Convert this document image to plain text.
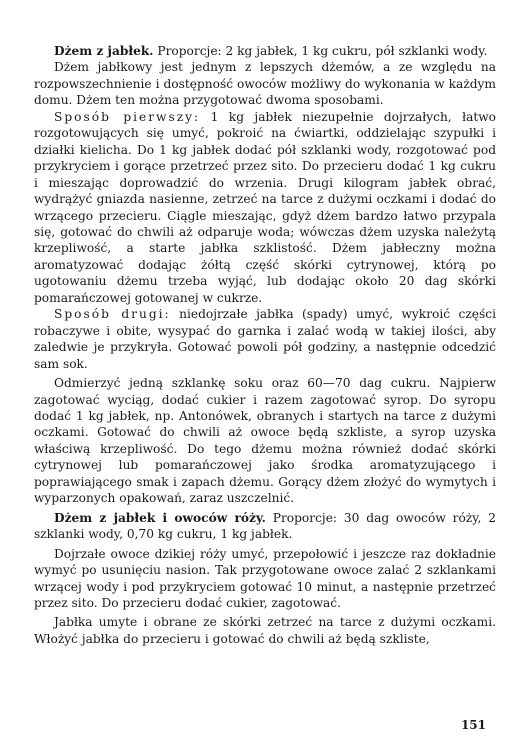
Dżem z jabłek. Proporcje: 2 kg jabłek, 1 kg cukru, pół szklanki wody.

Dżem jabłkowy jest jednym z lepszych dżemów, a ze względu na rozpowszechnienie i dostępność owoców możliwy do wykonania w każdym domu. Dżem ten można przygotować dwoma sposobami.

Sposób pierwszy: 1 kg jabłek niezupełnie dojrzałych, łatwo rozgotowujących się umyć, pokroić na ćwiartki, oddzielając szypułki i działki kielicha. Do 1 kg jabłek dodać pół szklanki wody, rozgotować pod przykryciem i gorące przetrzeć przez sito. Do przecieru dodać 1 kg cukru i mieszając doprowadzić do wrzenia. Drugi kilogram jabłek obrać, wydrążyć gniazda nasienne, zetrzeć na tarce z dużymi oczkami i dodać do wrzącego przecieru. Ciągle mieszając, gdyż dżem bardzo łatwo przypala się, gotować do chwili aż odparuje woda; wówczas dżem uzyska należytą krzepliwość, a starte jabłka szklistość. Dżem jabłeczny można aromatyzować dodając żółtą część skórki cytrynowej, którą po ugotowaniu dżemu trzeba wyjąć, lub dodając około 20 dag skórki pomarańczowej gotowanej w cukrze.

Sposób drugi: niedojrzałe jabłka (spady) umyć, wykroić części robaczywe i obite, wysypać do garnka i zalać wodą w takiej ilości, aby zaledwie je przykryła. Gotować powoli pół godziny, a następnie odcedzić sam sok.

Odmierzyć jedną szklankę soku oraz 60—70 dag cukru. Najpierw zagotować wyciąg, dodać cukier i razem zagotować syrop. Do syropu dodać 1 kg jabłek, np. Antonówek, obranych i startych na tarce z dużymi oczkami. Gotować do chwili aż owoce będą szkliste, a syrop uzyska właściwą krzepliwość. Do tego dżemu można również dodać skórki cytrynowej lub pomarańczowej jako środka aromatyzującego i poprawiającego smak i zapach dżemu. Gorący dżem złożyć do wymytych i wyparzonych opakowań, zaraz uszczelnić.

Dżem z jabłek i owoców róży. Proporcje: 30 dag owoców róży, 2 szklanki wody, 0,70 kg cukru, 1 kg jabłek.

Dojrzałe owoce dzikiej róży umyć, przepołowić i jeszcze raz dokładnie wymyć po usunięciu nasion. Tak przygotowane owoce zalać 2 szklankami wrzącej wody i pod przykryciem gotować 10 minut, a następnie przetrzeć przez sito. Do przecieru dodać cukier, zagotować.

Jabłka umyte i obrane ze skórki zetrzeć na tarce z dużymi oczkami. Włożyć jabłka do przecieru i gotować do chwili aż będą szkliste,

151
